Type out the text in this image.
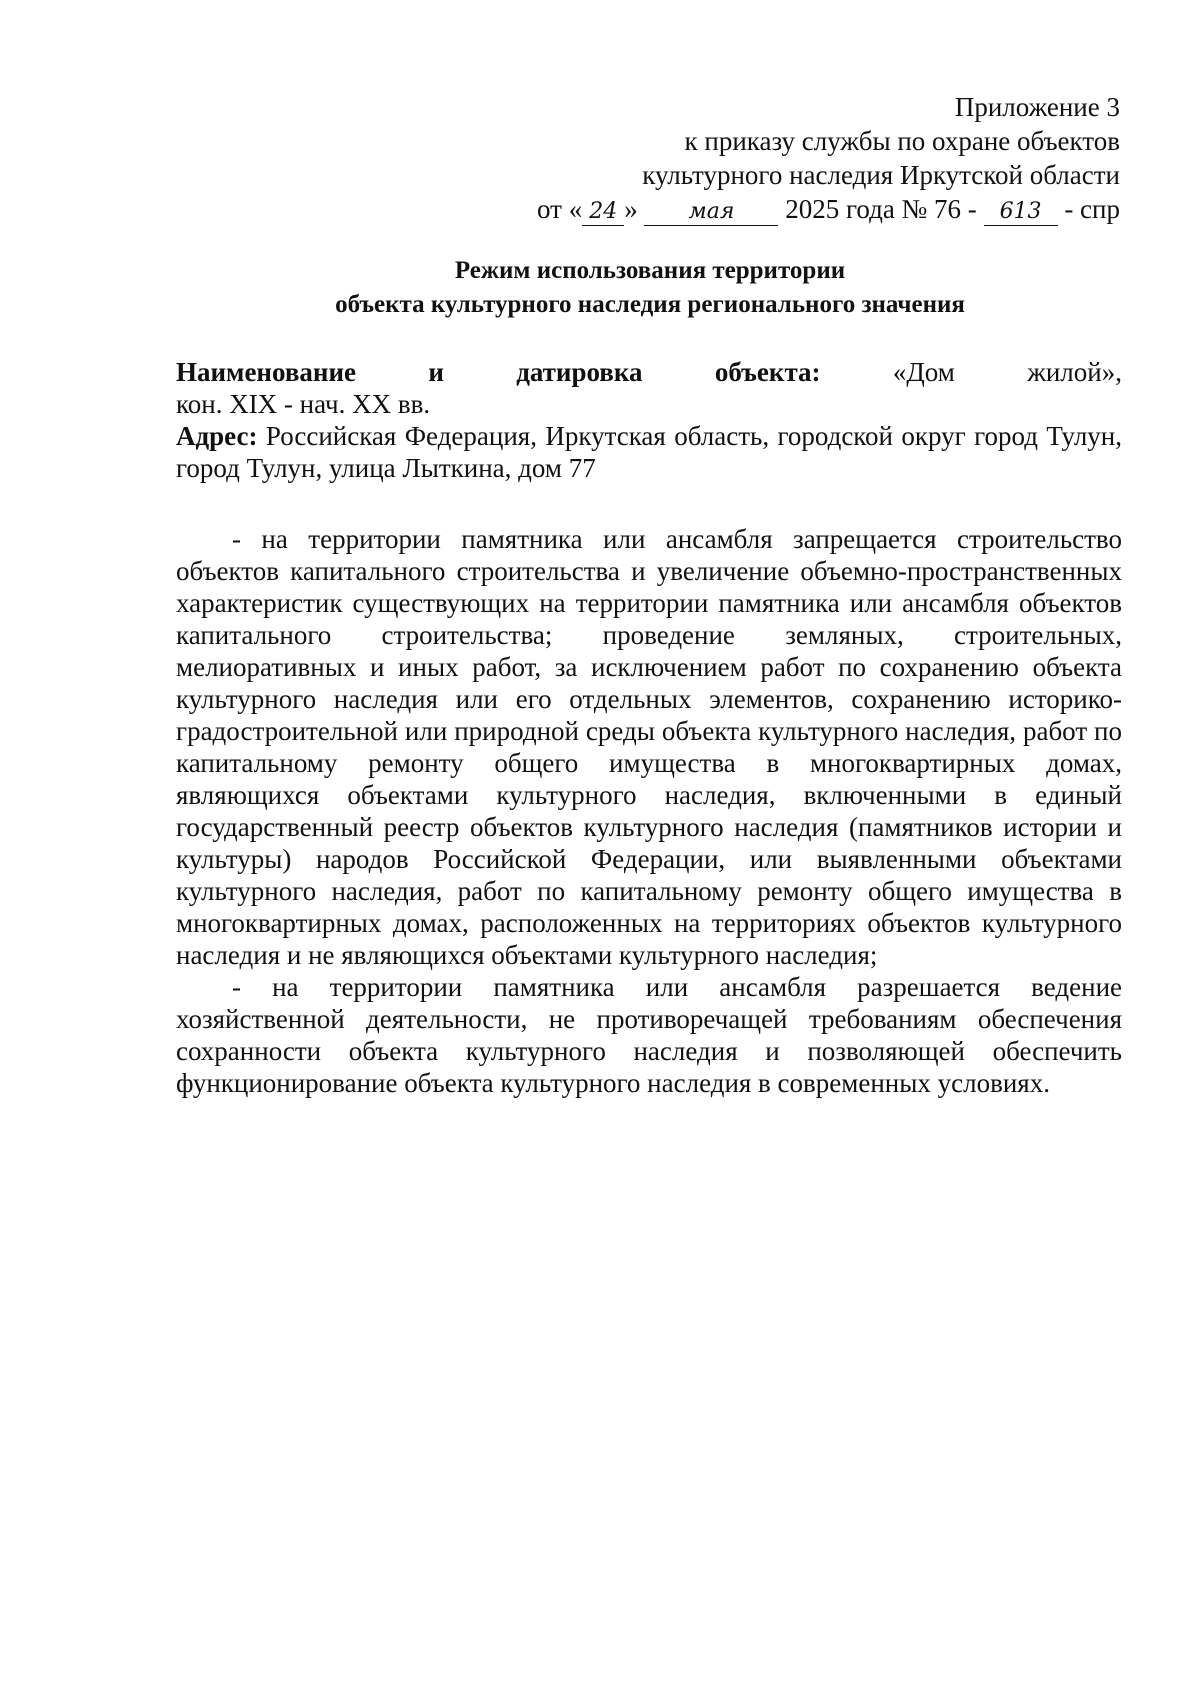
Приложение 3
к приказу службы по охране объектов
культурного наследия Иркутской области
от « 24 » мая 2025 года № 76 - 613 - спр
Режим использования территории
объекта культурного наследия регионального значения
Наименование	и	датировка	объекта:	«Дом	жилой»,

кон. XIX - нач. XX вв.

Адрес: Российская Федерация, Иркутская область, городской округ город Тулун, город Тулун, улица Лыткина, дом 77

- на территории памятника или ансамбля запрещается строительство объектов капитального строительства и увеличение объемно-пространственных характеристик существующих на территории памятника или ансамбля объектов капитального строительства; проведение земляных, строительных, мелиоративных и иных работ, за исключением работ по сохранению объекта культурного наследия или его отдельных элементов, сохранению историко-градостроительной или природной среды объекта культурного наследия, работ по капитальному ремонту общего имущества в многоквартирных домах, являющихся объектами культурного наследия, включенными в единый государственный реестр объектов культурного наследия (памятников истории и культуры) народов Российской Федерации, или выявленными объектами культурного наследия, работ по капитальному ремонту общего имущества в многоквартирных домах, расположенных на территориях объектов культурного наследия и не являющихся объектами культурного наследия;

- на территории памятника или ансамбля разрешается ведение хозяйственной деятельности, не противоречащей требованиям обеспечения сохранности объекта культурного наследия и позволяющей обеспечить функционирование объекта культурного наследия в современных условиях.
